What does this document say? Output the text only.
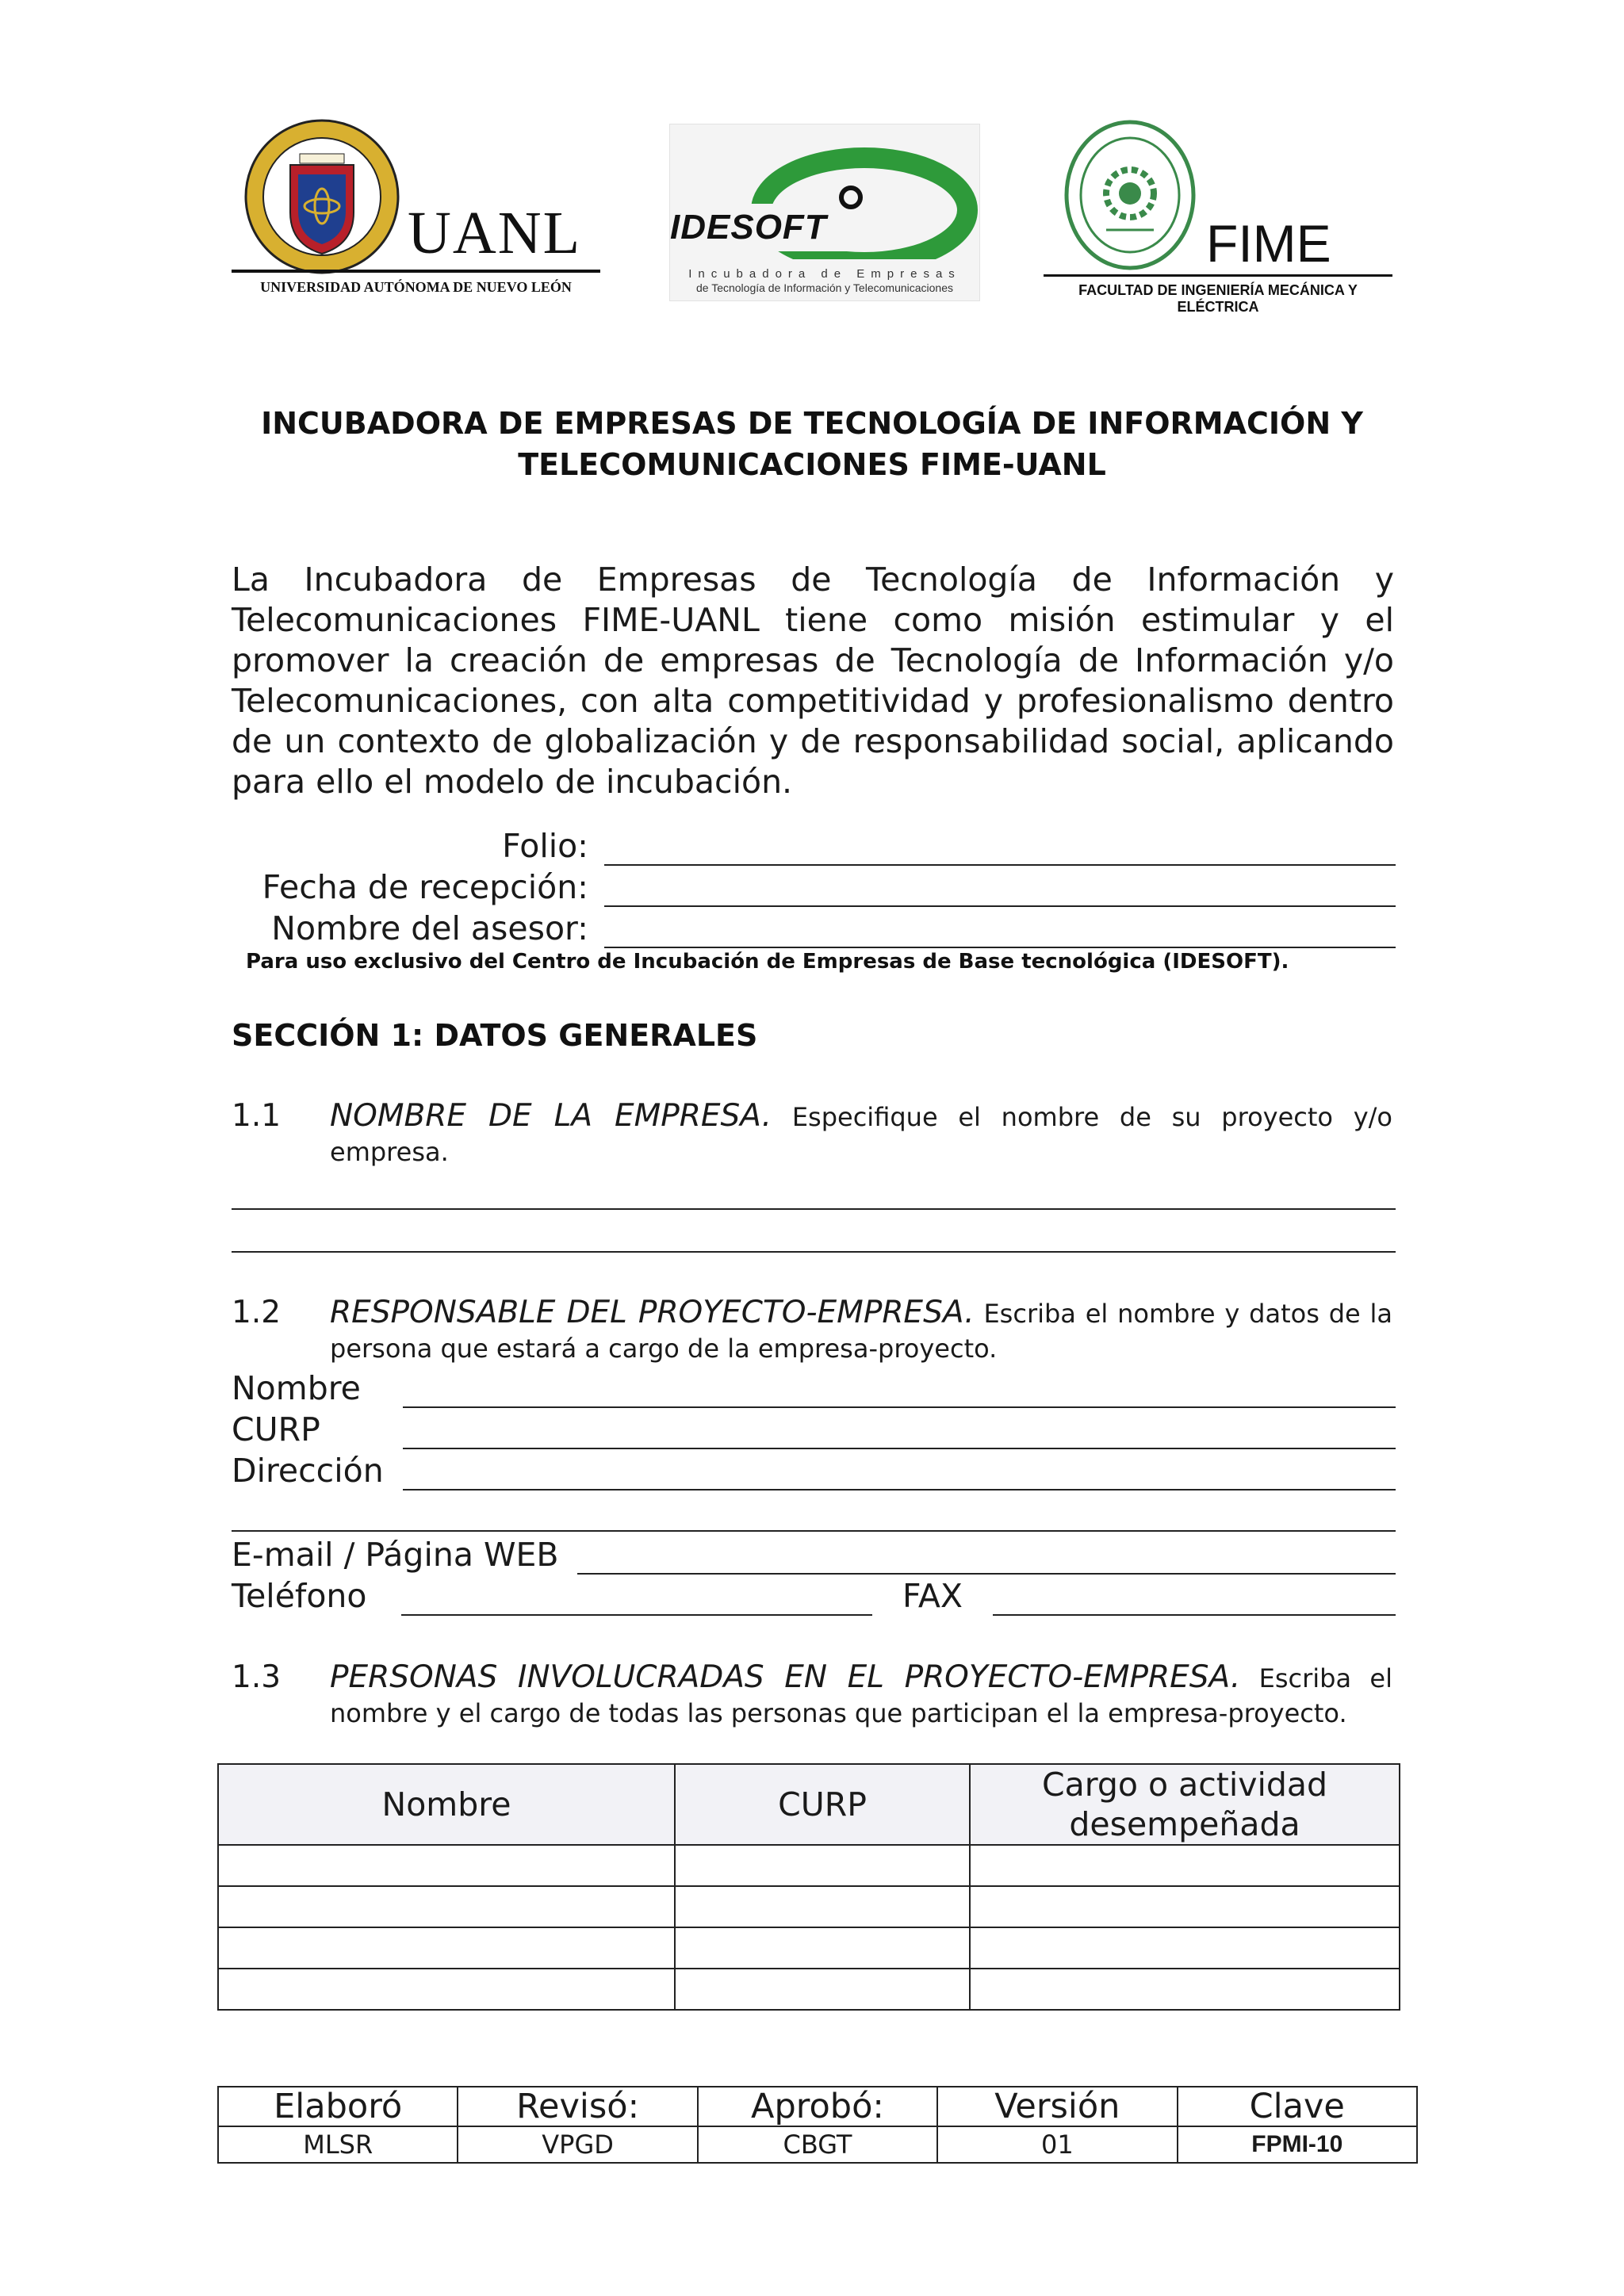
UANL
UNIVERSIDAD AUTÓNOMA DE NUEVO LEÓN
IDESOFT
Incubadora de Empresas
de Tecnología de Información y Telecomunicaciones
FIME
FACULTAD DE INGENIERÍA MECÁNICA Y ELÉCTRICA
INCUBADORA DE EMPRESAS DE TECNOLOGÍA DE INFORMACIÓN Y
TELECOMUNICACIONES FIME-UANL
La Incubadora de Empresas de Tecnología de Información y Telecomunicaciones FIME-UANL tiene como misión estimular y el promover la creación de empresas de Tecnología de Información y/o Telecomunicaciones, con alta competitividad y profesionalismo dentro de un contexto de globalización y de responsabilidad social, aplicando para ello el modelo de incubación.
Folio:
Fecha de recepción:
Nombre del asesor:
Para uso exclusivo del Centro de Incubación de Empresas de Base tecnológica (IDESOFT).
SECCIÓN 1: DATOS GENERALES
1.1 NOMBRE DE LA EMPRESA. Especifique el nombre de su proyecto y/o empresa.
1.2 RESPONSABLE DEL PROYECTO-EMPRESA. Escriba el nombre y datos de la persona que estará a cargo de la empresa-proyecto.
Nombre
CURP
Dirección
E-mail / Página WEB
Teléfono	FAX
1.3 PERSONAS INVOLUCRADAS EN EL PROYECTO-EMPRESA. Escriba el nombre y el cargo de todas las personas que participan el la empresa-proyecto.
Nombre	CURP	Cargo o actividad desempeñada

Elaboró	Revisó:	Aprobó:	Versión	Clave
MLSR	VPGD	CBGT	01	FPMI-10
